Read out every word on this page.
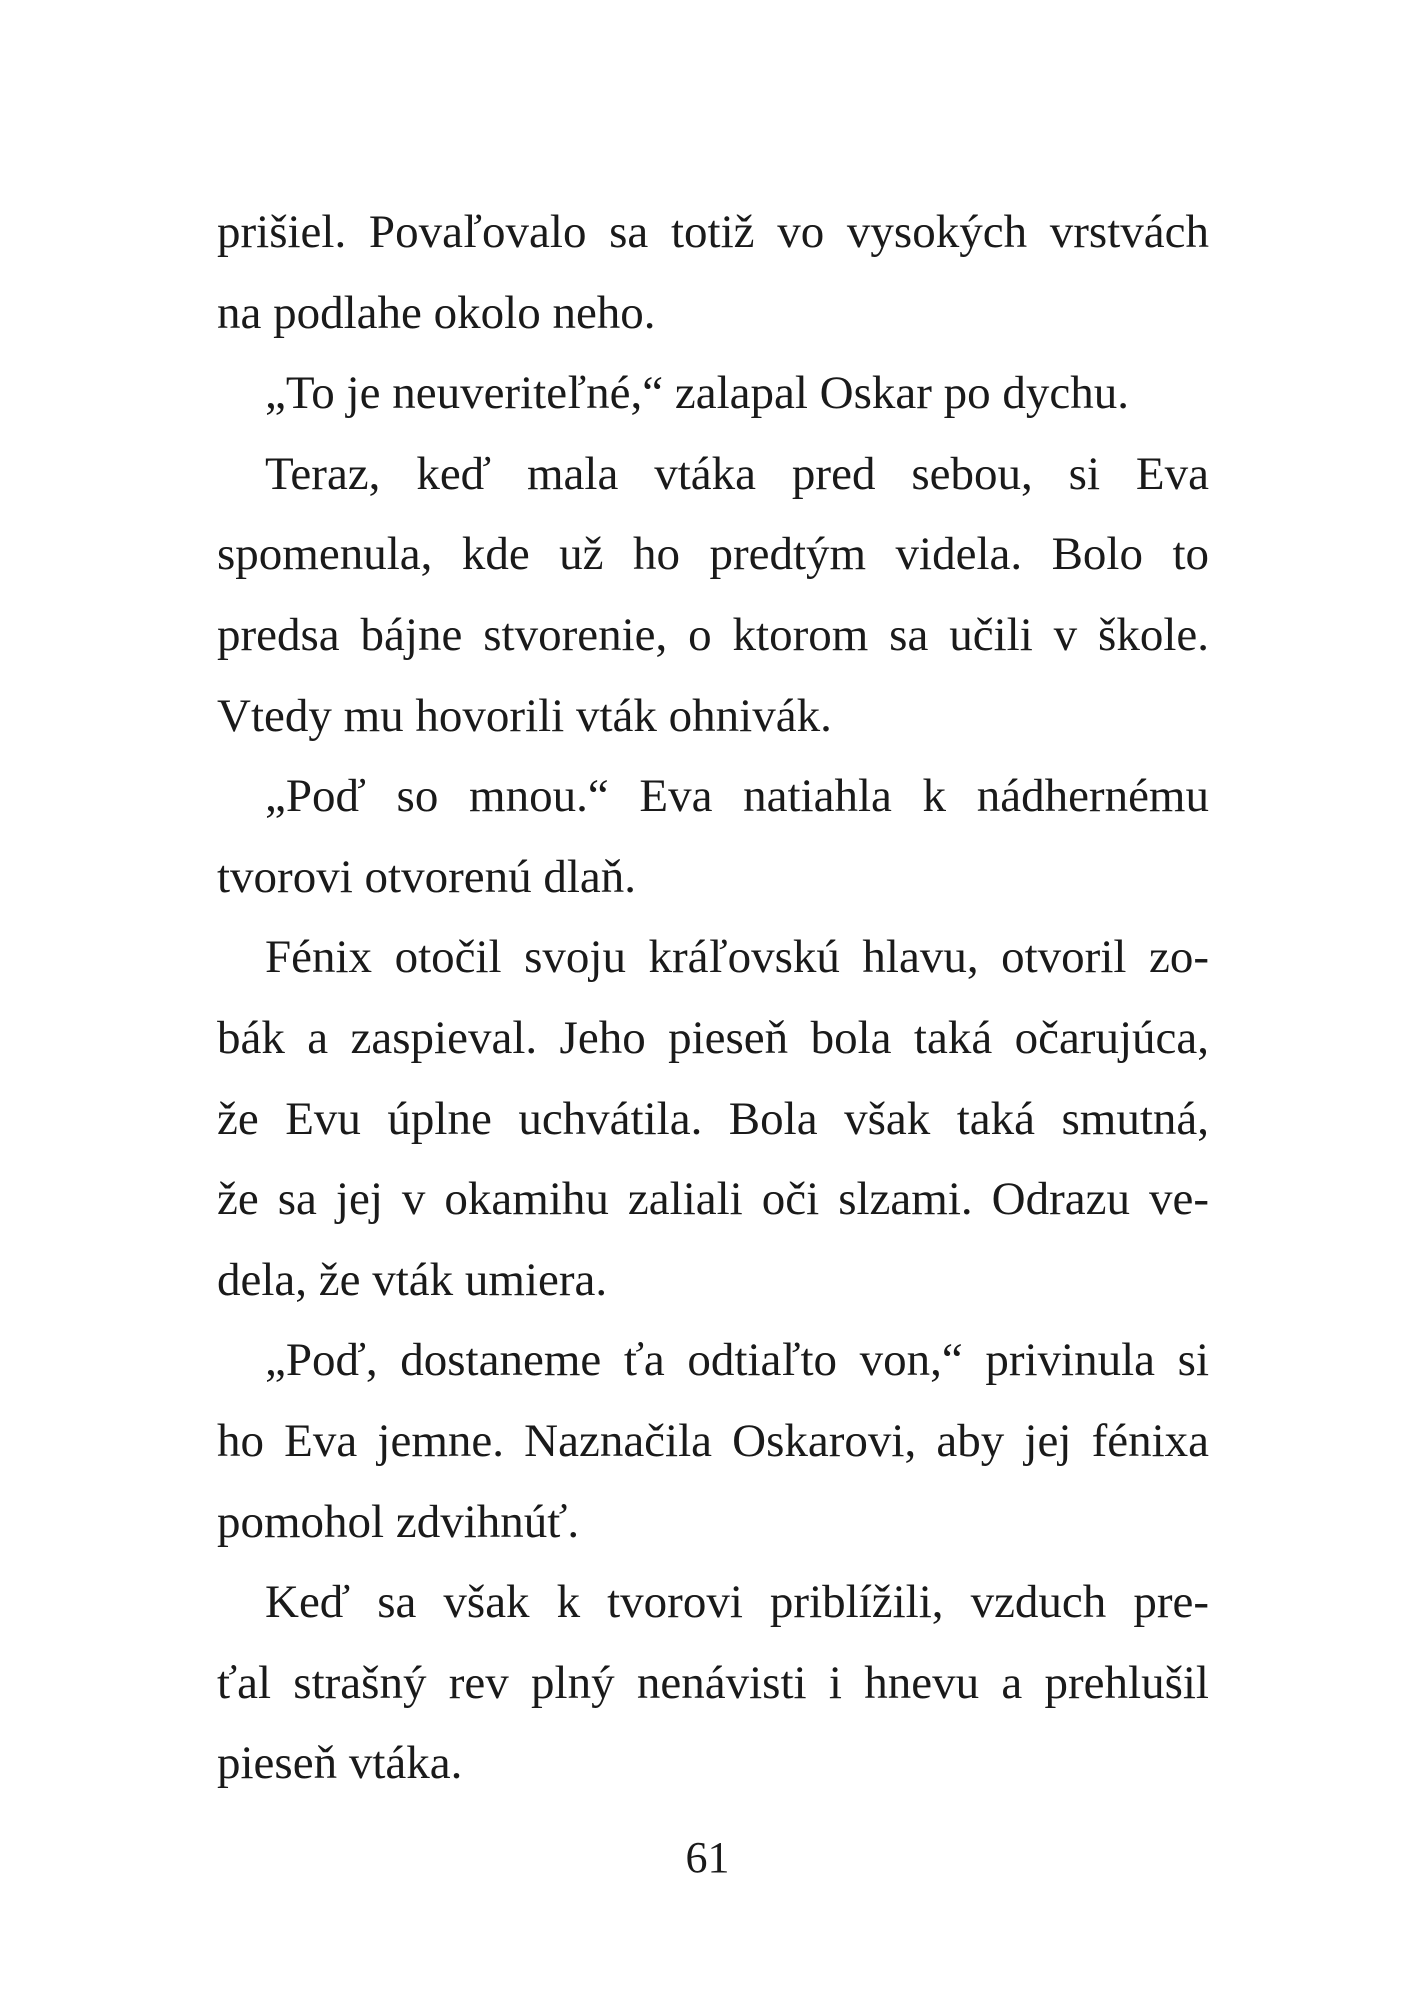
prišiel. Povaľovalo sa totiž vo vysokých vrstvách
na podlahe okolo neho.
„To je neuveriteľné,“ zalapal Oskar po dychu.
Teraz, keď mala vtáka pred sebou, si Eva
spomenula, kde už ho predtým videla. Bolo to
predsa bájne stvorenie, o ktorom sa učili v škole.
Vtedy mu hovorili vták ohnivák.
„Poď so mnou.“ Eva natiahla k nádhernému
tvorovi otvorenú dlaň.
Fénix otočil svoju kráľovskú hlavu, otvoril zo-
bák a zaspieval. Jeho pieseň bola taká očarujúca,
že Evu úplne uchvátila. Bola však taká smutná,
že sa jej v okamihu zaliali oči slzami. Odrazu ve-
dela, že vták umiera.
„Poď, dostaneme ťa odtiaľto von,“ privinula si
ho Eva jemne. Naznačila Oskarovi, aby jej fénixa
pomohol zdvihnúť.
Keď sa však k tvorovi priblížili, vzduch pre-
ťal strašný rev plný nenávisti i hnevu a prehlušil
pieseň vtáka.
61
